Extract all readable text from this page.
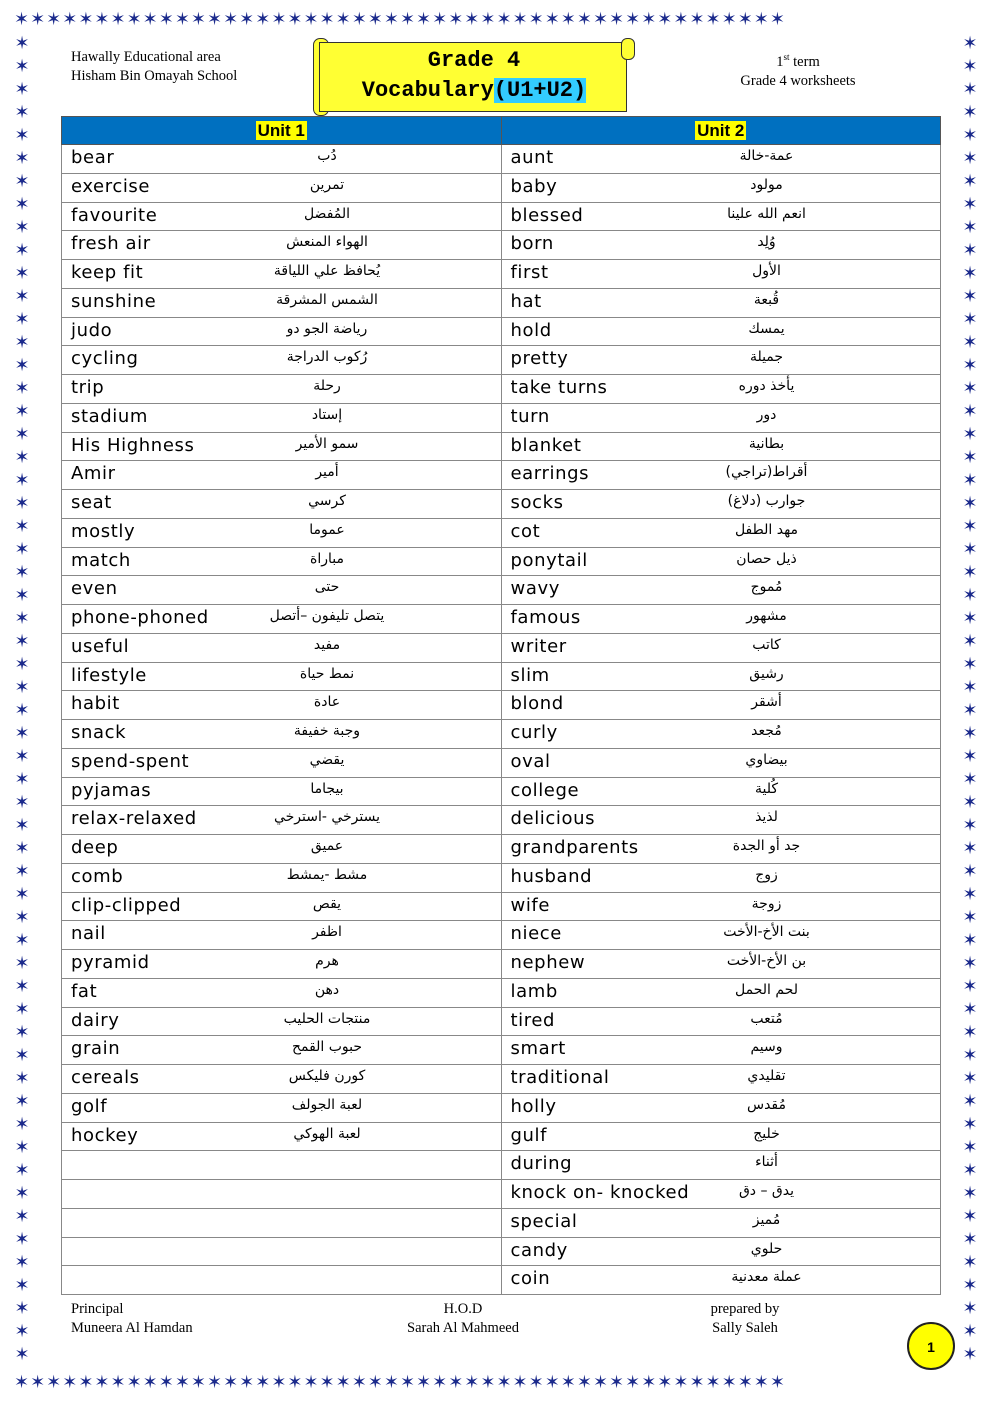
✶✶✶✶✶✶✶✶✶✶✶✶✶✶✶✶✶✶✶✶✶✶✶✶✶✶✶✶✶✶✶✶✶✶✶✶✶✶✶✶✶✶✶✶✶✶✶✶
✶✶✶✶✶✶✶✶✶✶✶✶✶✶✶✶✶✶✶✶✶✶✶✶✶✶✶✶✶✶✶✶✶✶✶✶✶✶✶✶✶✶✶✶✶✶✶✶
✶ ✶ ✶ ✶ ✶ ✶ ✶ ✶ ✶ ✶ ✶ ✶ ✶ ✶ ✶ ✶ ✶ ✶ ✶ ✶ ✶ ✶ ✶ ✶ ✶ ✶ ✶ ✶ ✶ ✶ ✶ ✶ ✶ ✶ ✶ ✶ ✶ ✶ ✶ ✶ ✶ ✶ ✶ ✶ ✶ ✶ ✶ ✶ ✶ ✶ ✶ ✶ ✶ ✶ ✶ ✶ ✶ ✶
✶ ✶ ✶ ✶ ✶ ✶ ✶ ✶ ✶ ✶ ✶ ✶ ✶ ✶ ✶ ✶ ✶ ✶ ✶ ✶ ✶ ✶ ✶ ✶ ✶ ✶ ✶ ✶ ✶ ✶ ✶ ✶ ✶ ✶ ✶ ✶ ✶ ✶ ✶ ✶ ✶ ✶ ✶ ✶ ✶ ✶ ✶ ✶ ✶ ✶ ✶ ✶ ✶ ✶ ✶ ✶ ✶ ✶
Hawally Educational area
Hisham Bin Omayah School
Grade 4
Vocabulary(U1+U2)
1st term
Grade 4 worksheets
Unit 1	Unit 2

bear دُب	aunt عمة-خالة

exercise تمرين	baby مولود

favourite المُفضل	blessed انعم الله علينا

fresh air الهواء المنعش	born وُلِد

keep fit يُحافظ علي اللياقة	first الأول

sunshine الشمس المشرقة	hat قُبعة

judo رياضة الجو دو	hold يمسك

cycling رُكوب الدراجة	pretty جميلة

trip رحلة	take turns يأخذ دوره

stadium إستاد	turn دور

His Highness سمو الأمير	blanket بطانية

Amir أمير	earrings أقراط(تراجي)

seat كرسي	socks جوارب (دلاغ)

mostly عموما	cot مهد الطفل

match مباراة	ponytail ذيل حصان

even حتى	wavy مُموج

phone-phoned يتصل تليفون –أتصل	famous مشهور

useful مفيد	writer كاتب

lifestyle نمط حياة	slim رشيق

habit عادة	blond أشقر

snack وجبة خفيفة	curly مُجعد

spend-spent يقضي	oval بيضاوي

pyjamas بيجاما	college كُلية

relax-relaxed يسترخي -استرخي	delicious لذيذ

deep عميق	grandparents جد أو الجدة

comb مشط -يمشط	husband زوج

clip-clipped يقص	wife زوجة

nail اظفر	niece بنت الأخ-الأخت

pyramid هرم	nephew بن الأخ-الأخت

fat دهن	lamb لحم الحمل

dairy منتجات الحليب	tired مُتعب

grain حبوب القمح	smart وسيم

cereals كورن فليكس	traditional تقليدي

golf لعبة الجولف	holly مُقدس

hockey لعبة الهوكي	gulf خليج

	during أثناء

	knock on- knocked يدق – دق

	special مُميز

	candy حلوي

	coin عملة معدنية
Principal
Muneera Al Hamdan
H.O.D
Sarah Al Mahmeed
prepared by
Sally Saleh
1
